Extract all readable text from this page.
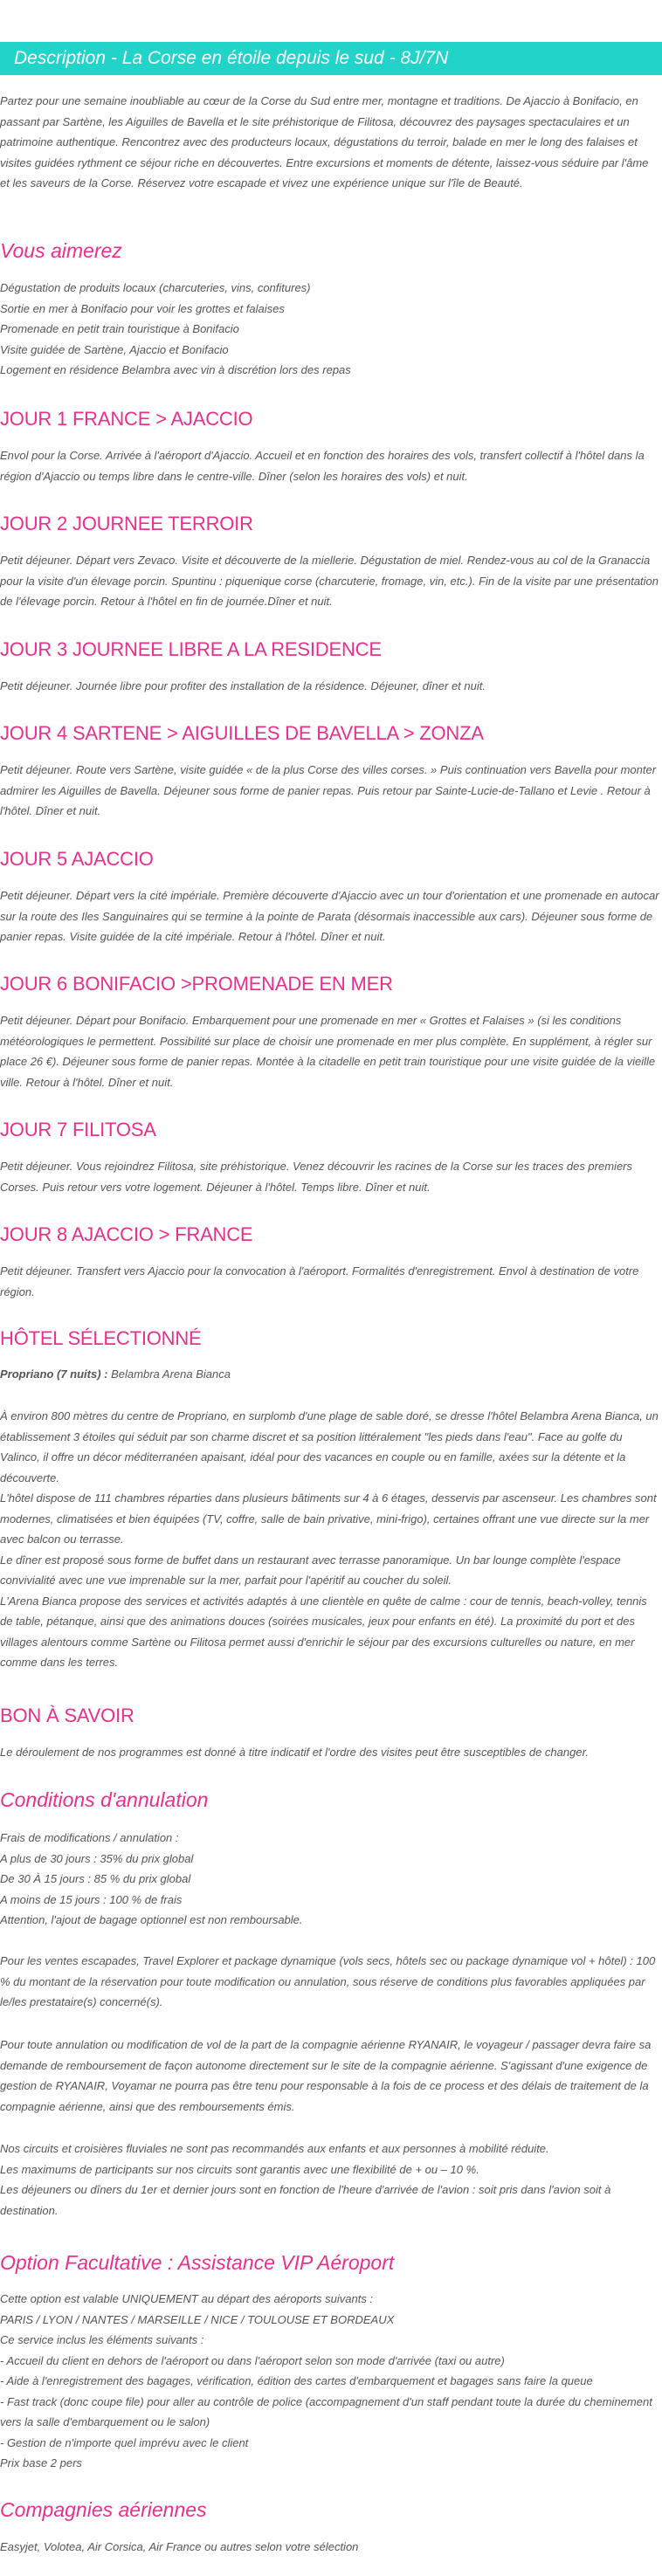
Description - La Corse en étoile depuis le sud - 8J/7N

Partez pour une semaine inoubliable au cœur de la Corse du Sud entre mer, montagne et traditions. De Ajaccio à Bonifacio, en passant par Sartène, les Aiguilles de Bavella et le site préhistorique de Filitosa, découvrez des paysages spectaculaires et un patrimoine authentique. Rencontrez avec des producteurs locaux, dégustations du terroir, balade en mer le long des falaises et visites guidées rythment ce séjour riche en découvertes. Entre excursions et moments de détente, laissez-vous séduire par l'âme et les saveurs de la Corse. Réservez votre escapade et vivez une expérience unique sur l'île de Beauté.

Vous aimerez
Dégustation de produits locaux (charcuteries, vins, confitures)
Sortie en mer à Bonifacio pour voir les grottes et falaises
Promenade en petit train touristique à Bonifacio
Visite guidée de Sartène, Ajaccio et Bonifacio
Logement en résidence Belambra avec vin à discrétion lors des repas
JOUR 1 FRANCE > AJACCIO

Envol pour la Corse. Arrivée à l'aéroport d'Ajaccio. Accueil et en fonction des horaires des vols, transfert collectif à l'hôtel dans la région d'Ajaccio ou temps libre dans le centre-ville. Dîner (selon les horaires des vols) et nuit.

JOUR 2 JOURNEE TERROIR

Petit déjeuner. Départ vers Zevaco. Visite et découverte de la miellerie. Dégustation de miel. Rendez-vous au col de la Granaccia pour la visite d'un élevage porcin. Spuntinu : piquenique corse (charcuterie, fromage, vin, etc.). Fin de la visite par une présentation de l'élevage porcin. Retour à l'hôtel en fin de journée.Dîner et nuit.

JOUR 3 JOURNEE LIBRE A LA RESIDENCE

Petit déjeuner. Journée libre pour profiter des installation de la résidence. Déjeuner, dîner et nuit.

JOUR 4 SARTENE > AIGUILLES DE BAVELLA > ZONZA

Petit déjeuner. Route vers Sartène, visite guidée « de la plus Corse des villes corses. » Puis continuation vers Bavella pour monter admirer les Aiguilles de Bavella. Déjeuner sous forme de panier repas. Puis retour par Sainte-Lucie-de-Tallano et Levie . Retour à l'hôtel. Dîner et nuit.

JOUR 5 AJACCIO

Petit déjeuner. Départ vers la cité impériale. Première découverte d'Ajaccio avec un tour d'orientation et une promenade en autocar sur la route des Iles Sanguinaires qui se termine à la pointe de Parata (désormais inaccessible aux cars). Déjeuner sous forme de panier repas. Visite guidée de la cité impériale. Retour à l'hôtel. Dîner et nuit.

JOUR 6 BONIFACIO >PROMENADE EN MER

Petit déjeuner. Départ pour Bonifacio. Embarquement pour une promenade en mer « Grottes et Falaises » (si les conditions météorologiques le permettent. Possibilité sur place de choisir une promenade en mer plus complète. En supplément, à régler sur place 26 €). Déjeuner sous forme de panier repas. Montée à la citadelle en petit train touristique pour une visite guidée de la vieille ville. Retour à l'hôtel. Dîner et nuit.

JOUR 7 FILITOSA

Petit déjeuner. Vous rejoindrez Filitosa, site préhistorique. Venez découvrir les racines de la Corse sur les traces des premiers Corses. Puis retour vers votre logement. Déjeuner à l'hôtel. Temps libre. Dîner et nuit.

JOUR 8 AJACCIO > FRANCE

Petit déjeuner. Transfert vers Ajaccio pour la convocation à l'aéroport. Formalités d'enregistrement. Envol à destination de votre région.

HÔTEL SÉLECTIONNÉ
Propriano (7 nuits) : Belambra Arena Bianca

À environ 800 mètres du centre de Propriano, en surplomb d'une plage de sable doré, se dresse l'hôtel Belambra Arena Bianca, un établissement 3 étoiles qui séduit par son charme discret et sa position littéralement "les pieds dans l'eau". Face au golfe du Valinco, il offre un décor méditerranéen apaisant, idéal pour des vacances en couple ou en famille, axées sur la détente et la découverte.

L'hôtel dispose de 111 chambres réparties dans plusieurs bâtiments sur 4 à 6 étages, desservis par ascenseur. Les chambres sont modernes, climatisées et bien équipées (TV, coffre, salle de bain privative, mini-frigo), certaines offrant une vue directe sur la mer avec balcon ou terrasse.

Le dîner est proposé sous forme de buffet dans un restaurant avec terrasse panoramique. Un bar lounge complète l'espace convivialité avec une vue imprenable sur la mer, parfait pour l'apéritif au coucher du soleil.

L'Arena Bianca propose des services et activités adaptés à une clientèle en quête de calme : cour de tennis, beach-volley, tennis de table, pétanque, ainsi que des animations douces (soirées musicales, jeux pour enfants en été). La proximité du port et des villages alentours comme Sartène ou Filitosa permet aussi d'enrichir le séjour par des excursions culturelles ou nature, en mer comme dans les terres.

BON À SAVOIR

Le déroulement de nos programmes est donné à titre indicatif et l'ordre des visites peut être susceptibles de changer.

Conditions d'annulation
Frais de modifications / annulation :
A plus de 30 jours : 35% du prix global
De 30 À 15 jours : 85 % du prix global
A moins de 15 jours : 100 % de frais
Attention, l'ajout de bagage optionnel est non remboursable.

Pour les ventes escapades, Travel Explorer et package dynamique (vols secs, hôtels sec ou package dynamique vol + hôtel) : 100 % du montant de la réservation pour toute modification ou annulation, sous réserve de conditions plus favorables appliquées par le/les prestataire(s) concerné(s).

Pour toute annulation ou modification de vol de la part de la compagnie aérienne RYANAIR, le voyageur / passager devra faire sa demande de remboursement de façon autonome directement sur le site de la compagnie aérienne. S'agissant d'une exigence de gestion de RYANAIR, Voyamar ne pourra pas être tenu pour responsable à la fois de ce process et des délais de traitement de la compagnie aérienne, ainsi que des remboursements émis.

Nos circuits et croisières fluviales ne sont pas recommandés aux enfants et aux personnes à mobilité réduite.
Les maximums de participants sur nos circuits sont garantis avec une flexibilité de + ou – 10 %.

Les déjeuners ou dîners du 1er et dernier jours sont en fonction de l'heure d'arrivée de l'avion : soit pris dans l'avion soit à destination.

Option Facultative : Assistance VIP Aéroport
Cette option est valable UNIQUEMENT au départ des aéroports suivants :
PARIS / LYON / NANTES / MARSEILLE / NICE / TOULOUSE ET BORDEAUX
Ce service inclus les éléments suivants :
- Accueil du client en dehors de l'aéroport ou dans l'aéroport selon son mode d'arrivée (taxi ou autre)
- Aide à l'enregistrement des bagages, vérification, édition des cartes d'embarquement et bagages sans faire la queue

- Fast track (donc coupe file) pour aller au contrôle de police (accompagnement d'un staff pendant toute la durée du cheminement vers la salle d'embarquement ou le salon)

- Gestion de n'importe quel imprévu avec le client
Prix base 2 pers
Compagnies aériennes
Easyjet, Volotea, Air Corsica, Air France ou autres selon votre sélection
